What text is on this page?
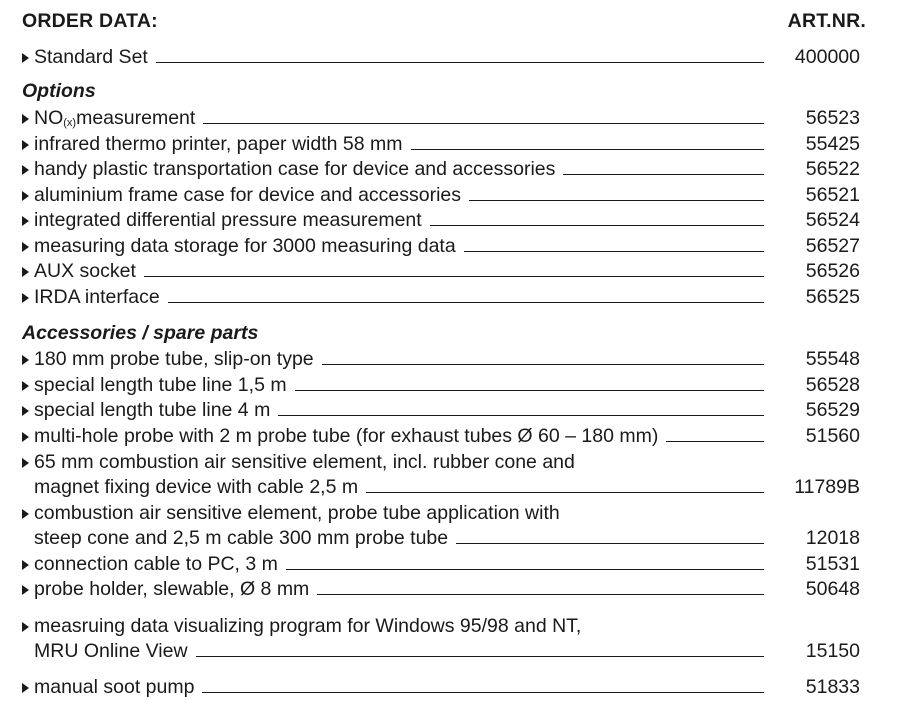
ORDER DATA:	ART.NR.
Standard Set	400000
Options
NO(x)measurement	56523
infrared thermo printer, paper width 58 mm	55425
handy plastic transportation case for device and accessories	56522
aluminium frame case for device and accessories	56521
integrated differential pressure measurement	56524
measuring data storage for 3000 measuring data	56527
AUX socket	56526
IRDA interface	56525
Accessories / spare parts
180 mm probe tube, slip-on type	55548
special length tube line 1,5 m	56528
special length tube line 4 m	56529
multi-hole probe with 2 m probe tube (for exhaust tubes Ø 60 – 180 mm)	51560
65 mm combustion air sensitive element, incl. rubber cone and
magnet fixing device with cable 2,5 m	11789B
combustion air sensitive element, probe tube application with
steep cone and 2,5 m cable 300 mm probe tube	12018
connection cable to PC, 3 m	51531
probe holder, slewable, Ø 8 mm	50648
measruing data visualizing program for Windows 95/98 and NT,
MRU Online View	15150
manual soot pump	51833
